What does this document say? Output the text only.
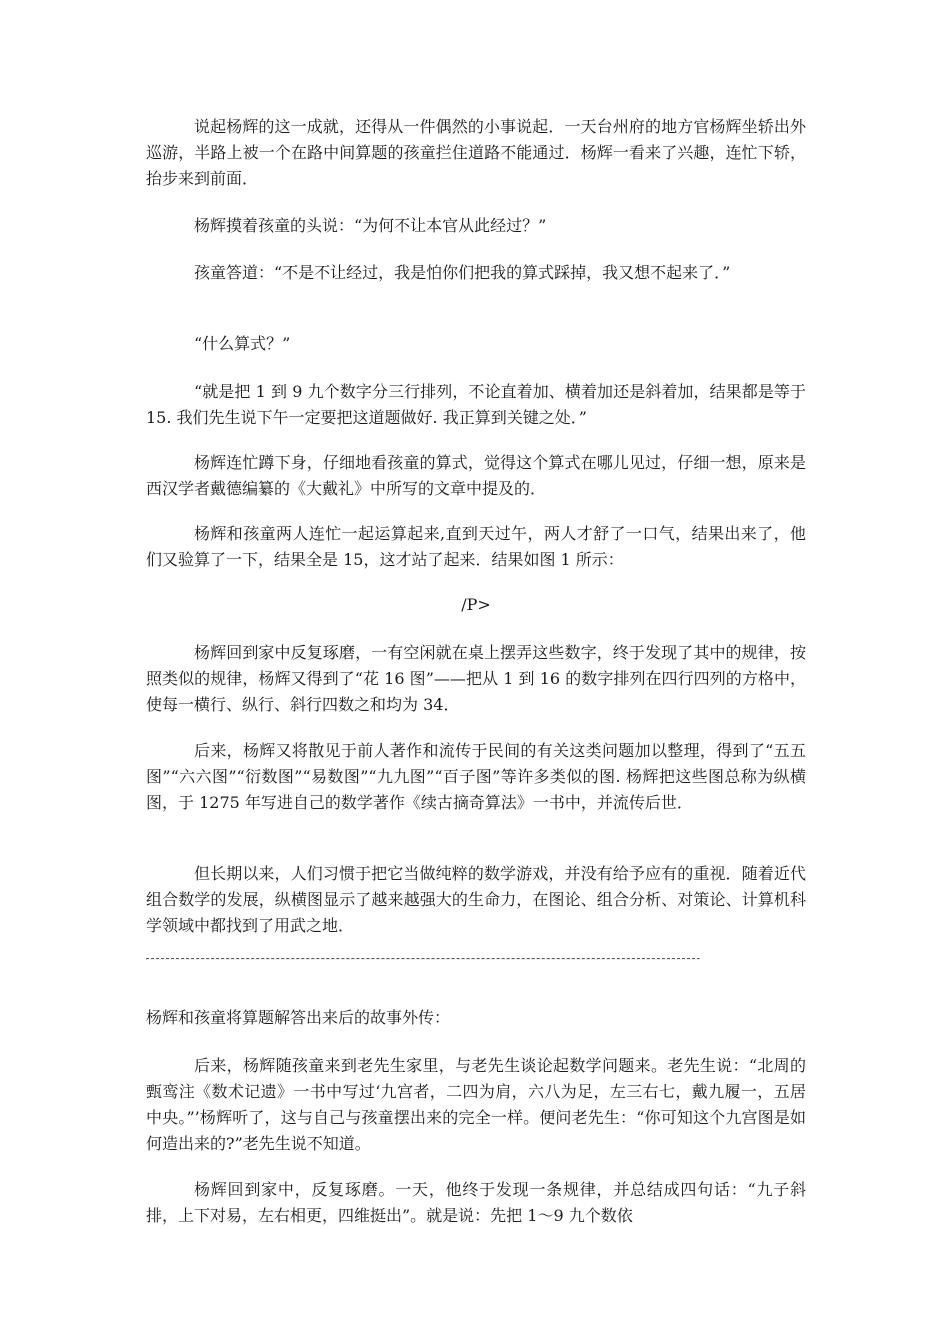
说起杨辉的这一成就，还得从一件偶然的小事说起．一天台州府的地方官杨辉坐轿出外巡游，半路上被一个在路中间算题的孩童拦住道路不能通过．杨辉一看来了兴趣，连忙下轿，抬步来到前面．

杨辉摸着孩童的头说：“为何不让本官从此经过？”

孩童答道：“不是不让经过，我是怕你们把我的算式踩掉，我又想不起来了．”

“什么算式？”

“就是把 1 到 9 九个数字分三行排列，不论直着加、横着加还是斜着加，结果都是等于 15. 我们先生说下午一定要把这道题做好. 我正算到关键之处．”

杨辉连忙蹲下身，仔细地看孩童的算式，觉得这个算式在哪儿见过，仔细一想，原来是西汉学者戴德编纂的《大戴礼》中所写的文章中提及的．

杨辉和孩童两人连忙一起运算起来,直到天过午，两人才舒了一口气，结果出来了，他们又验算了一下，结果全是 15，这才站了起来．结果如图 1 所示：

/P>

杨辉回到家中反复琢磨，一有空闲就在桌上摆弄这些数字，终于发现了其中的规律，按照类似的规律，杨辉又得到了“花 16 图”——把从 1 到 16 的数字排列在四行四列的方格中，使每一横行、纵行、斜行四数之和均为 34．

后来，杨辉又将散见于前人著作和流传于民间的有关这类问题加以整理，得到了“五五图”“六六图”“衍数图”“易数图”“九九图”“百子图”等许多类似的图. 杨辉把这些图总称为纵横图，于 1275 年写进自己的数学著作《续古摘奇算法》一书中，并流传后世．

但长期以来，人们习惯于把它当做纯粹的数学游戏，并没有给予应有的重视．随着近代组合数学的发展，纵横图显示了越来越强大的生命力，在图论、组合分析、对策论、计算机科学领域中都找到了用武之地．

杨辉和孩童将算题解答出来后的故事外传：

后来，杨辉随孩童来到老先生家里，与老先生谈论起数学问题来。老先生说：“北周的甄鸾注《数术记遗》一书中写过‘九宫者，二四为肩，六八为足，左三右七，戴九履一，五居中央。”’杨辉听了，这与自己与孩童摆出来的完全一样。便问老先生：“你可知这个九宫图是如何造出来的?”老先生说不知道。

杨辉回到家中，反复琢磨。一天，他终于发现一条规律，并总结成四句话：“九子斜排，上下对易，左右相更，四维挺出”。就是说：先把 1～9 九个数依
